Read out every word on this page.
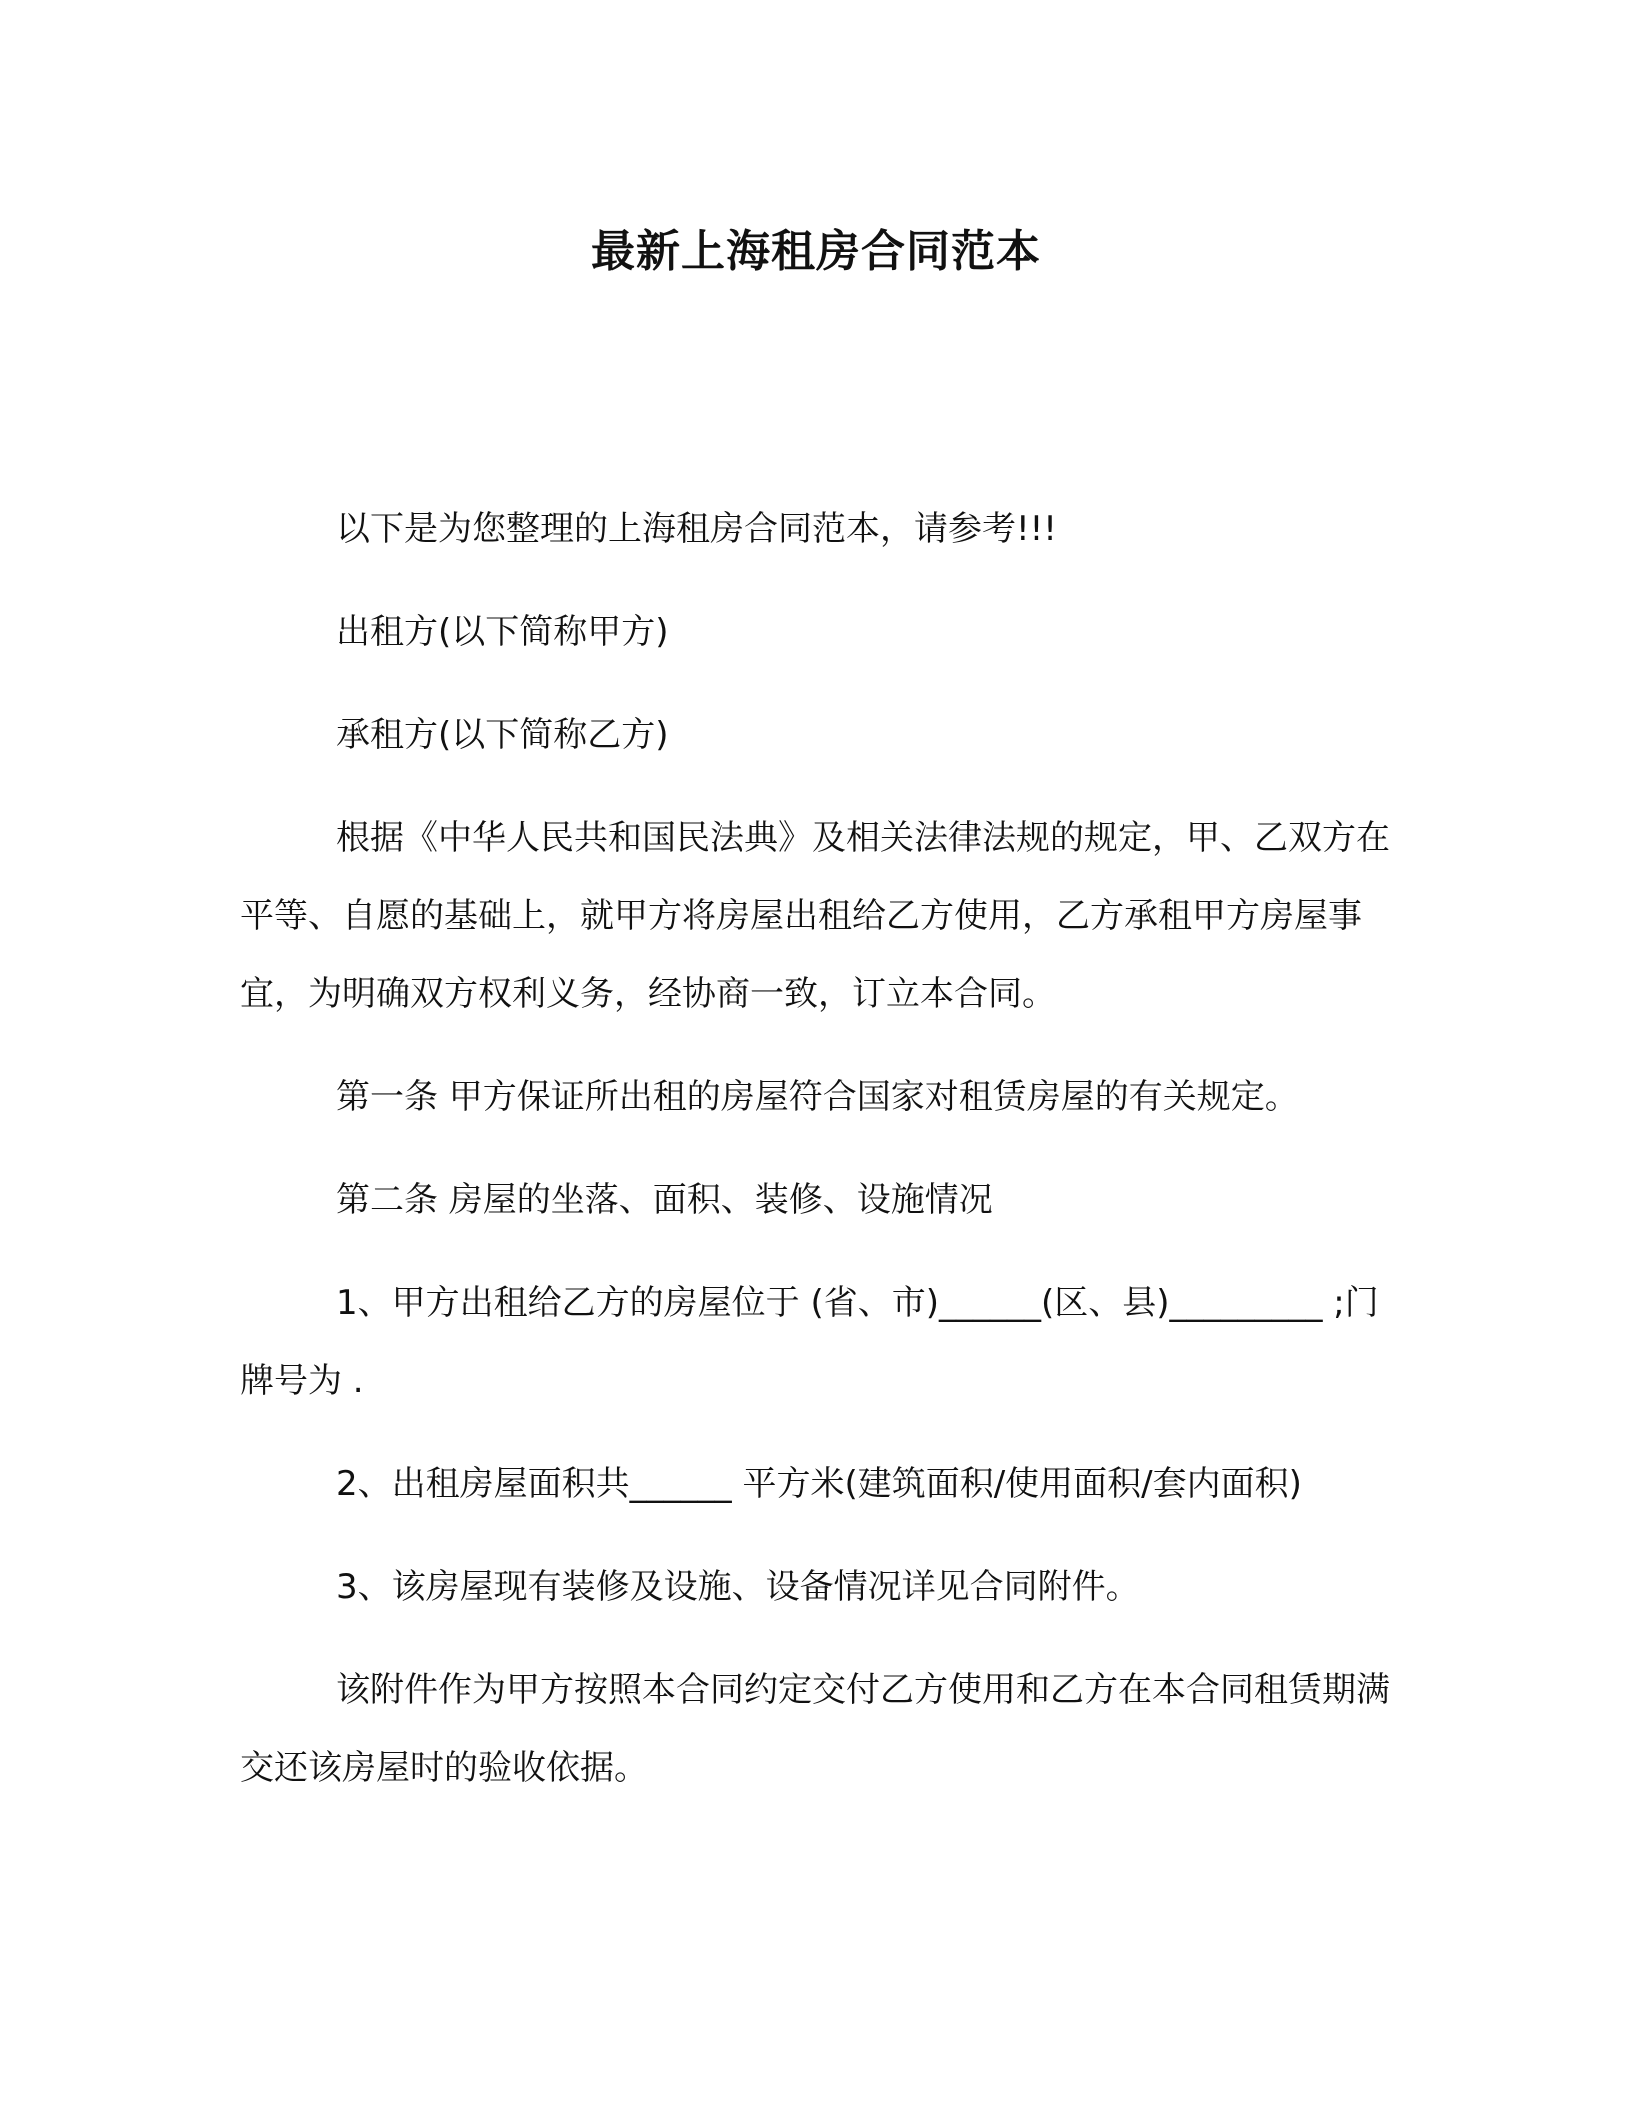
最新上海租房合同范本

以下是为您整理的上海租房合同范本，请参考!!!

出租方(以下简称甲方)

承租方(以下简称乙方)

根据《中华人民共和国民法典》及相关法律法规的规定，甲、乙双方在平等、自愿的基础上，就甲方将房屋出租给乙方使用，乙方承租甲方房屋事宜，为明确双方权利义务，经协商一致，订立本合同。

第一条 甲方保证所出租的房屋符合国家对租赁房屋的有关规定。

第二条 房屋的坐落、面积、装修、设施情况

1、甲方出租给乙方的房屋位于 (省、市)______(区、县)_________ ;门牌号为 .

2、出租房屋面积共______ 平方米(建筑面积/使用面积/套内面积)

3、该房屋现有装修及设施、设备情况详见合同附件。

该附件作为甲方按照本合同约定交付乙方使用和乙方在本合同租赁期满交还该房屋时的验收依据。
